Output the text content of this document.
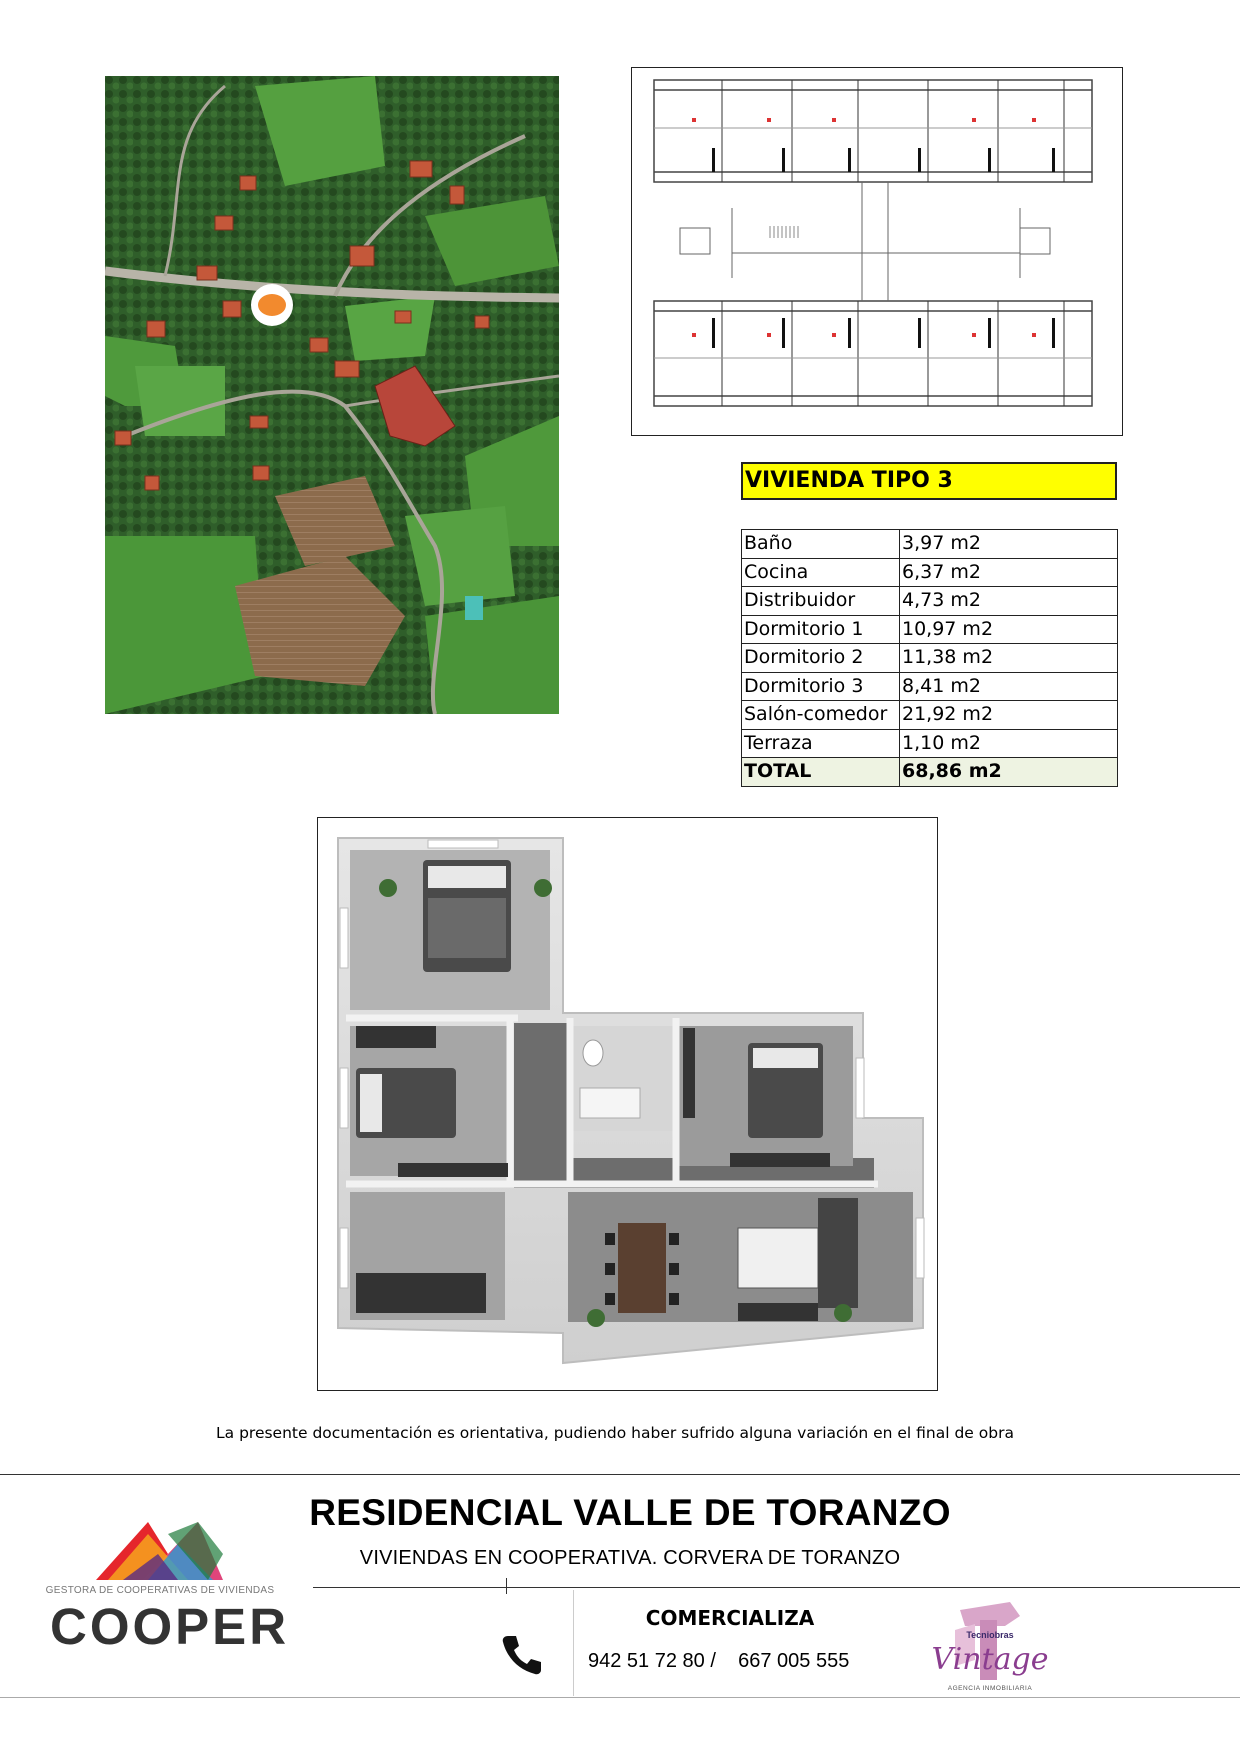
VIVIENDA TIPO 3
Baño	3,97 m2
Cocina	6,37 m2
Distribuidor	4,73 m2
Dormitorio 1	10,97 m2
Dormitorio 2	11,38 m2
Dormitorio 3	8,41 m2
Salón-comedor	21,92 m2
Terraza	1,10 m2
TOTAL	68,86 m2
La presente documentación es orientativa, pudiendo haber sufrido alguna variación en el final de obra
RESIDENCIAL VALLE DE TORANZO
VIVIENDAS EN COOPERATIVA. CORVERA DE TORANZO
GESTORA DE COOPERATIVAS DE VIVIENDAS
COOPER	COMERCIALIZA
942 51 72 80 /    667 005 555
Tecniobras
Vintage
AGENCIA INMOBILIARIA
